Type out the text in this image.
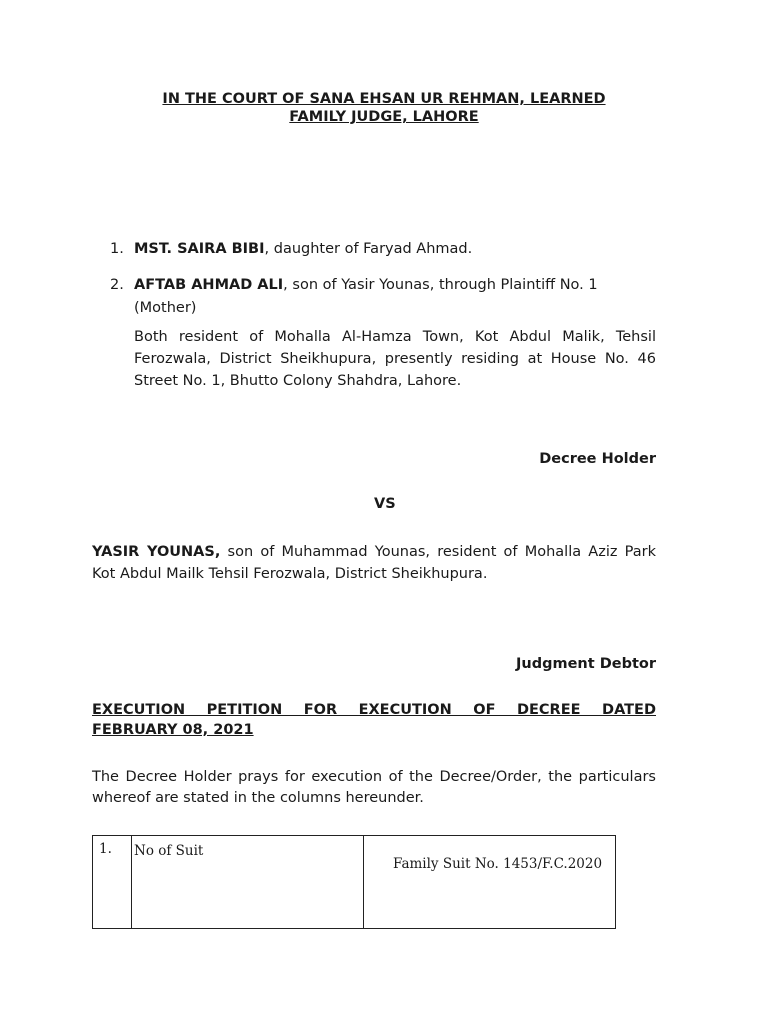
IN THE COURT OF SANA EHSAN UR REHMAN, LEARNED
FAMILY JUDGE, LAHORE
1. MST. SAIRA BIBI, daughter of Faryad Ahmad.
2. AFTAB AHMAD ALI, son of Yasir Younas, through Plaintiff No. 1
(Mother)
Both resident of Mohalla Al-Hamza Town, Kot Abdul Malik, Tehsil Ferozwala, District Sheikhupura, presently residing at House No. 46 Street No. 1, Bhutto Colony Shahdra, Lahore.
Decree Holder
VS
YASIR YOUNAS, son of Muhammad Younas, resident of Mohalla Aziz Park Kot Abdul Mailk Tehsil Ferozwala, District Sheikhupura.
Judgment Debtor
EXECUTION PETITION FOR EXECUTION OF DECREE DATED
FEBRUARY 08, 2021
The Decree Holder prays for execution of the Decree/Order, the particulars whereof are stated in the columns hereunder.
1.	No of Suit	Family Suit No. 1453/F.C.2020
